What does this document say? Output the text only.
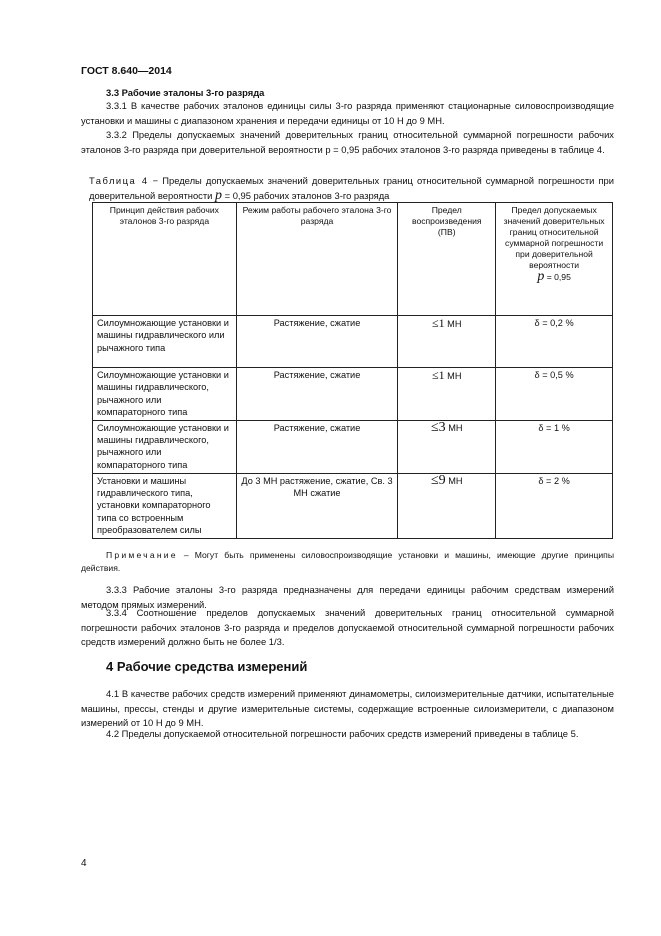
ГОСТ 8.640—2014
3.3 Рабочие эталоны 3-го разряда
3.3.1 В качестве рабочих эталонов единицы силы 3-го разряда применяют стационарные силовоспроизводящие установки и машины с диапазоном хранения и передачи единицы от 10 Н до 9 МН.
3.3.2 Пределы допускаемых значений доверительных границ относительной суммарной погрешности рабочих эталонов 3-го разряда при доверительной вероятности p = 0,95 рабочих эталонов 3-го разряда приведены в таблице 4.
Таблица 4 − Пределы допускаемых значений доверительных границ относительной суммарной погрешности при доверительной вероятности p = 0,95 рабочих эталонов 3-го разряда
Принцип действия рабочих эталонов 3-го разряда	Режим работы рабочего эталона 3-го разряда	Предел воспроизведения (ПВ)	Предел допускаемых значений доверительных границ относительной суммарной погрешности при доверительной вероятности
p = 0,95
Силоумножающие установки и машины гидравлического или рычажного типа	Растяжение, сжатие	≤1 МН	δ = 0,2 %
Силоумножающие установки и машины гидравлического, рычажного или компараторного типа	Растяжение, сжатие	≤1 МН	δ = 0,5 %
Силоумножающие установки и машины гидравлического, рычажного или компараторного типа	Растяжение, сжатие	≤3 МН	δ = 1 %
Установки и машины гидравлического типа, установки компараторного типа со встроенным преобразователем силы	До 3 МН растяжение, сжатие, Св. 3 МН сжатие	≤9 МН	δ = 2 %
Примечание – Могут быть применены силовоспроизводящие установки и машины, имеющие другие принципы действия.
3.3.3 Рабочие эталоны 3-го разряда предназначены для передачи единицы рабочим средствам измерений методом прямых измерений.
3.3.4 Соотношение пределов допускаемых значений доверительных границ относительной суммарной погрешности рабочих эталонов 3-го разряда и пределов допускаемой относительной суммарной погрешности рабочих средств измерений должно быть не более 1/3.
4 Рабочие средства измерений
4.1 В качестве рабочих средств измерений применяют динамометры, силоизмерительные датчики, испытательные машины, прессы, стенды и другие измерительные системы, содержащие встроенные силоизмерители, с диапазоном измерений от 10 Н до 9 МН.
4.2 Пределы допускаемой относительной погрешности рабочих средств измерений приведены в таблице 5.
4
